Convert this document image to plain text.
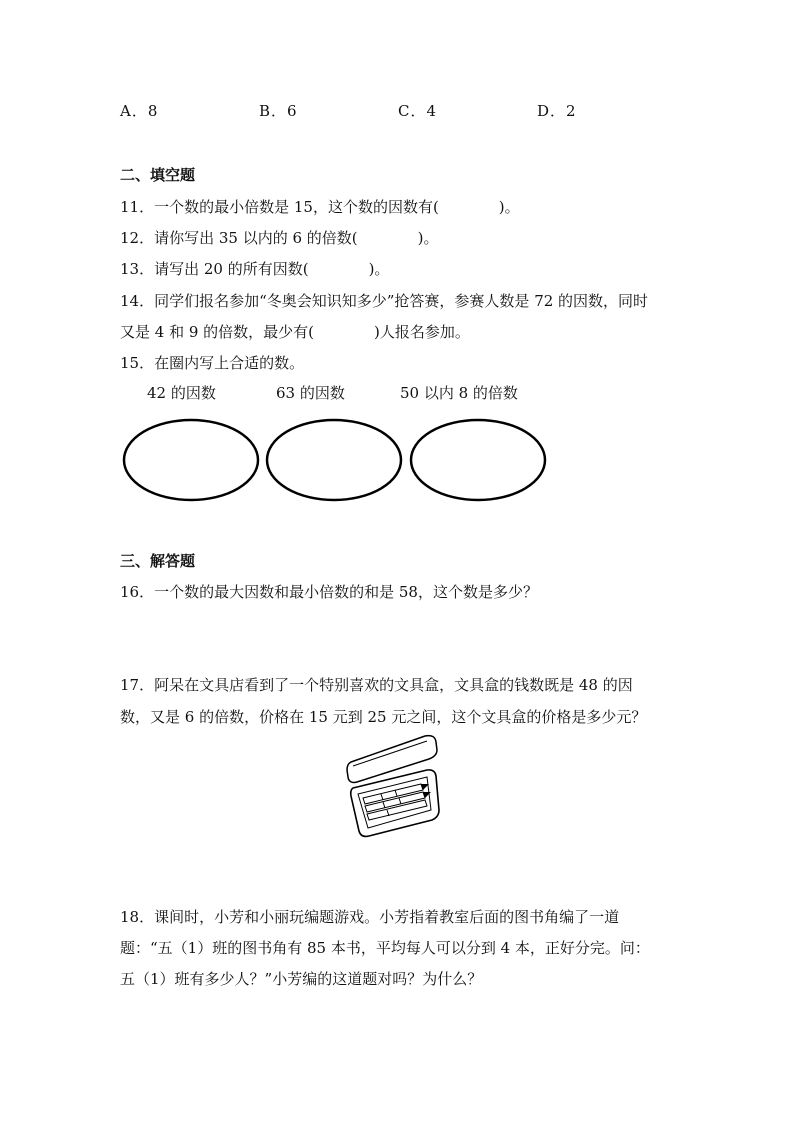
A．8	B．6	C．4	D．2
二、填空题
11．一个数的最小倍数是 15，这个数的因数有(	)。
12．请你写出 35 以内的 6 的倍数(	)。
13．请写出 20 的所有因数(	)。
14．同学们报名参加“冬奥会知识知多少”抢答赛，参赛人数是 72 的因数，同时
又是 4 和 9 的倍数，最少有(	)人报名参加。
15．在圈内写上合适的数。
42 的因数	63 的因数	50 以内 8 的倍数
三、解答题
16．一个数的最大因数和最小倍数的和是 58，这个数是多少？
17．阿呆在文具店看到了一个特别喜欢的文具盒，文具盒的钱数既是 48 的因
数，又是 6 的倍数，价格在 15 元到 25 元之间，这个文具盒的价格是多少元？
18．课间时，小芳和小丽玩编题游戏。小芳指着教室后面的图书角编了一道
题：“五（1）班的图书角有 85 本书，平均每人可以分到 4 本，正好分完。问：
五（1）班有多少人？”小芳编的这道题对吗？为什么？
